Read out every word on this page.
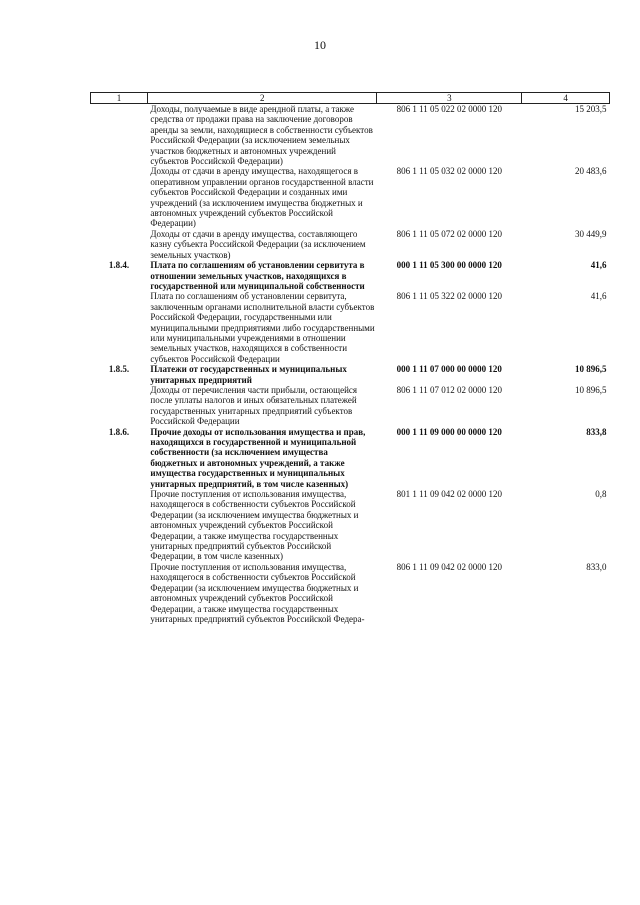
10
1	2	3	4
	Доходы, получаемые в виде арендной платы, а также средства от продажи права на заключение договоров аренды за земли, находящиеся в собственности субъектов Российской Федерации (за исключением земельных участков бюджетных и автономных учреждений субъектов Российской Федерации)	806 1 11 05 022 02 0000 120	15 203,5
	Доходы от сдачи в аренду имущества, находящегося в оперативном управлении органов государственной власти субъектов Российской Федерации и созданных ими учреждений (за исключением имущества бюджетных и автономных учреждений субъектов Российской Федерации)	806 1 11 05 032 02 0000 120	20 483,6
	Доходы от сдачи в аренду имущества, составляющего казну субъекта Российской Федерации (за исключением земельных участков)	806 1 11 05 072 02 0000 120	30 449,9
1.8.4.	Плата по соглашениям об установлении сервитута в отношении земельных участков, находящихся в государственной или муниципальной собственности	000 1 11 05 300 00 0000 120	41,6
	Плата по соглашениям об установлении сервитута, заключенным органами исполнительной власти субъектов Российской Федерации, государственными или муниципальными предприятиями либо государственными или муниципальными учреждениями в отношении земельных участков, находящихся в собственности субъектов Российской Федерации	806 1 11 05 322 02 0000 120	41,6
1.8.5.	Платежи от государственных и муниципальных унитарных предприятий	000 1 11 07 000 00 0000 120	10 896,5
	Доходы от перечисления части прибыли, остающейся после уплаты налогов и иных обязательных платежей государственных унитарных предприятий субъектов Российской Федерации	806 1 11 07 012 02 0000 120	10 896,5
1.8.6.	Прочие доходы от использования имущества и прав, находящихся в государственной и муниципальной собственности (за исключением имущества бюджетных и автономных учреждений, а также имущества государственных и муниципальных унитарных предприятий, в том числе казенных)	000 1 11 09 000 00 0000 120	833,8
	Прочие поступления от использования имущества, находящегося в собственности субъектов Российской Федерации (за исключением имущества бюджетных и автономных учреждений субъектов Российской Федерации, а также имущества государственных унитарных предприятий субъектов Российской Федерации, в том числе казенных)	801 1 11 09 042 02 0000 120	0,8
	Прочие поступления от использования имущества, находящегося в собственности субъектов Российской Федерации (за исключением имущества бюджетных и автономных учреждений субъектов Российской Федерации, а также имущества государственных унитарных предприятий субъектов Российской Федера-	806 1 11 09 042 02 0000 120	833,0
